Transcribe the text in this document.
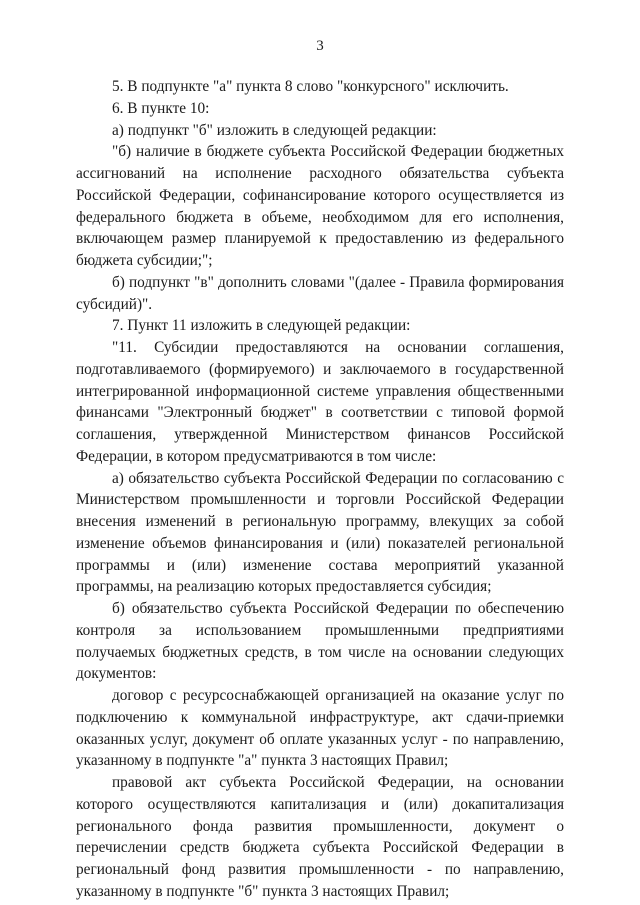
3

5. В подпункте "а" пункта 8 слово "конкурсного" исключить.

6. В пункте 10:

а) подпункт "б" изложить в следующей редакции:

"б) наличие в бюджете субъекта Российской Федерации бюджетных ассигнований на исполнение расходного обязательства субъекта Российской Федерации, софинансирование которого осуществляется из федерального бюджета в объеме, необходимом для его исполнения, включающем размер планируемой к предоставлению из федерального бюджета субсидии;";

б) подпункт "в" дополнить словами "(далее - Правила формирования субсидий)".

7. Пункт 11 изложить в следующей редакции:

"11. Субсидии предоставляются на основании соглашения, подготавливаемого (формируемого) и заключаемого в государственной интегрированной информационной системе управления общественными финансами "Электронный бюджет" в соответствии с типовой формой соглашения, утвержденной Министерством финансов Российской Федерации, в котором предусматриваются в том числе:

а) обязательство субъекта Российской Федерации по согласованию с Министерством промышленности и торговли Российской Федерации внесения изменений в региональную программу, влекущих за собой изменение объемов финансирования и (или) показателей региональной программы и (или) изменение состава мероприятий указанной программы, на реализацию которых предоставляется субсидия;

б) обязательство субъекта Российской Федерации по обеспечению контроля за использованием промышленными предприятиями получаемых бюджетных средств, в том числе на основании следующих документов:

договор с ресурсоснабжающей организацией на оказание услуг по подключению к коммунальной инфраструктуре, акт сдачи-приемки оказанных услуг, документ об оплате указанных услуг - по направлению, указанному в подпункте "а" пункта 3 настоящих Правил;

правовой акт субъекта Российской Федерации, на основании которого осуществляются капитализация и (или) докапитализация регионального фонда развития промышленности, документ о перечислении средств бюджета субъекта Российской Федерации в региональный фонд развития промышленности - по направлению, указанному в подпункте "б" пункта 3 настоящих Правил;
